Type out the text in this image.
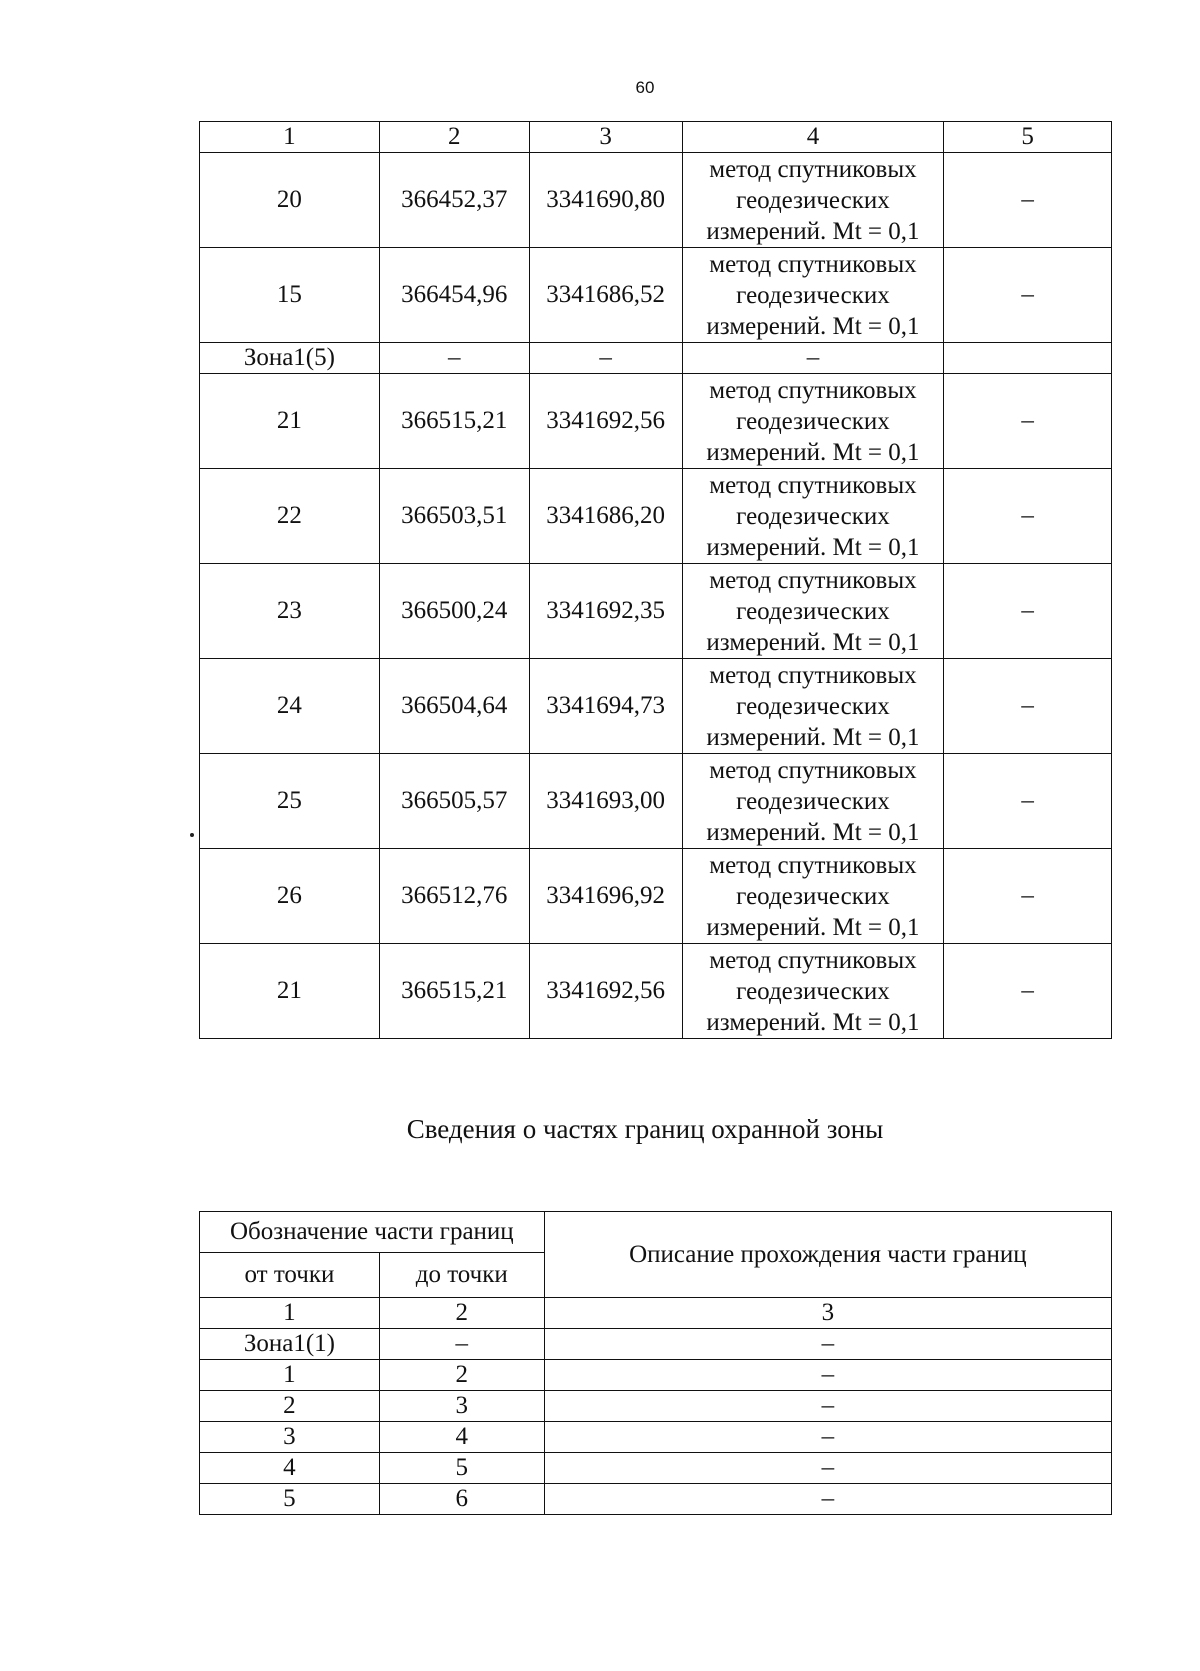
60
1	2	3	4	5
20	366452,37	3341690,80	метод спутниковых
геодезических
измерений. Mt = 0,1	–
15	366454,96	3341686,52	метод спутниковых
геодезических
измерений. Mt = 0,1	–
Зона1(5)	–	–	–	
21	366515,21	3341692,56	метод спутниковых
геодезических
измерений. Mt = 0,1	–
22	366503,51	3341686,20	метод спутниковых
геодезических
измерений. Mt = 0,1	–
23	366500,24	3341692,35	метод спутниковых
геодезических
измерений. Mt = 0,1	–
24	366504,64	3341694,73	метод спутниковых
геодезических
измерений. Mt = 0,1	–
25	366505,57	3341693,00	метод спутниковых
геодезических
измерений. Mt = 0,1	–
26	366512,76	3341696,92	метод спутниковых
геодезических
измерений. Mt = 0,1	–
21	366515,21	3341692,56	метод спутниковых
геодезических
измерений. Mt = 0,1	–
Сведения о частях границ охранной зоны
Обозначение части границ		Описание прохождения части границ
от точки	до точки	
1	2	3
Зона1(1)	–	–
1	2	–
2	3	–
3	4	–
4	5	–
5	6	–
